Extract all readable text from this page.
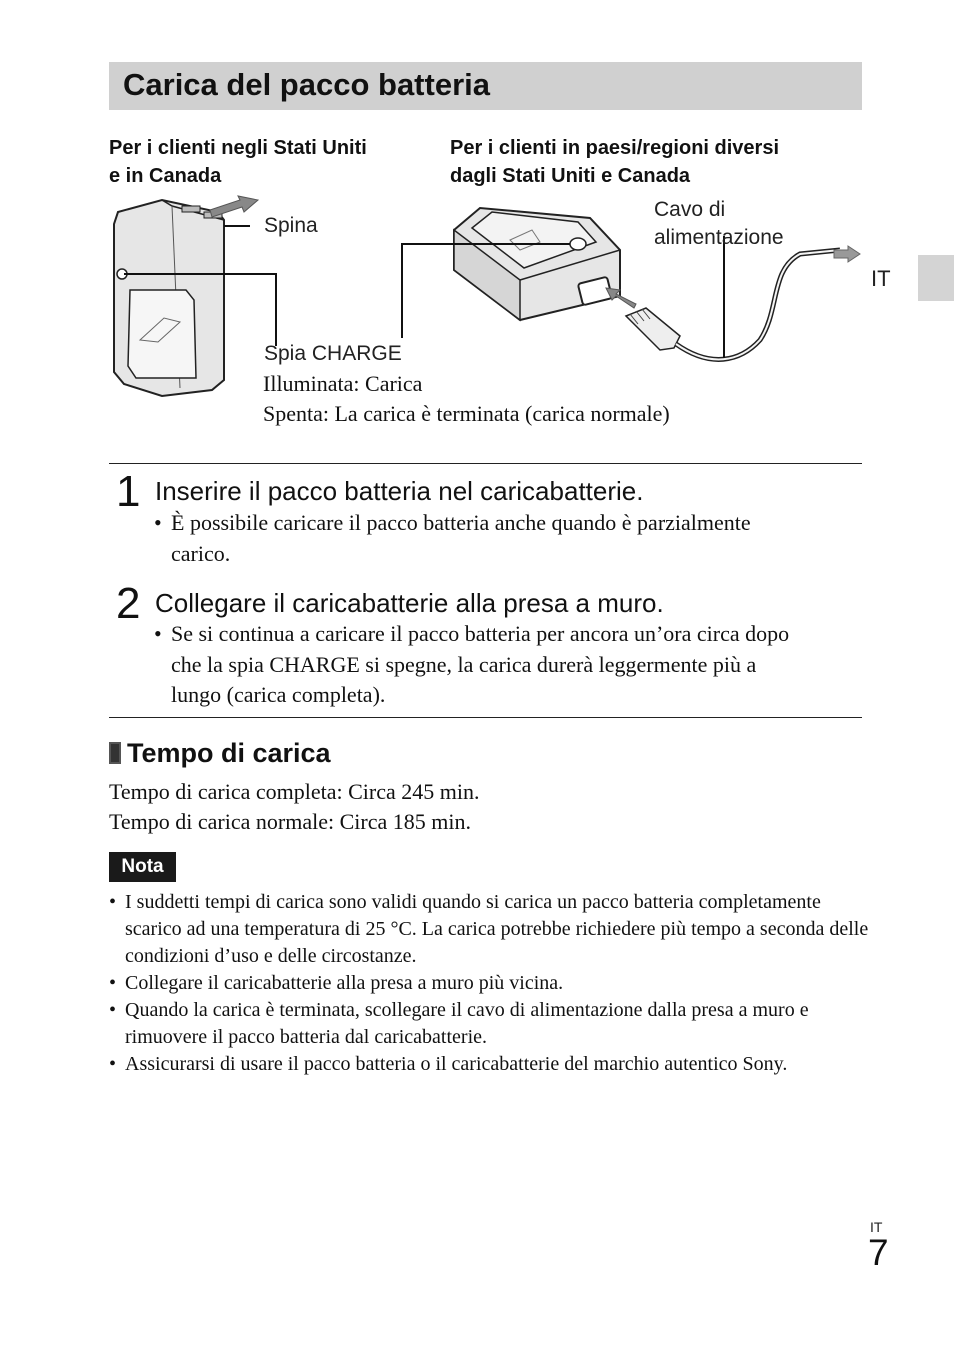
Carica del pacco batteria
Per i clienti negli Stati Uniti
e in Canada
Per i clienti in paesi/regioni diversi
dagli Stati Uniti e Canada
Spina
Cavo di
alimentazione
Spia CHARGE
Illuminata: Carica
Spenta: La carica è terminata (carica normale)
IT
1 Inserire il pacco batteria nel caricabatterie.
• È possibile caricare il pacco batteria anche quando è parzialmente
carico.
2 Collegare il caricabatterie alla presa a muro.
• Se si continua a caricare il pacco batteria per ancora un’ora circa dopo
che la spia CHARGE si spegne, la carica durerà leggermente più a
lungo (carica completa).
Tempo di carica
Tempo di carica completa: Circa 245 min.
Tempo di carica normale: Circa 185 min.
Nota
• I suddetti tempi di carica sono validi quando si carica un pacco batteria completamente scarico ad una temperatura di 25 °C. La carica potrebbe richiedere più tempo a seconda delle condizioni d’uso e delle circostanze.
• Collegare il caricabatterie alla presa a muro più vicina.
• Quando la carica è terminata, scollegare il cavo di alimentazione dalla presa a muro e rimuovere il pacco batteria dal caricabatterie.
• Assicurarsi di usare il pacco batteria o il caricabatterie del marchio autentico Sony.
IT
7
